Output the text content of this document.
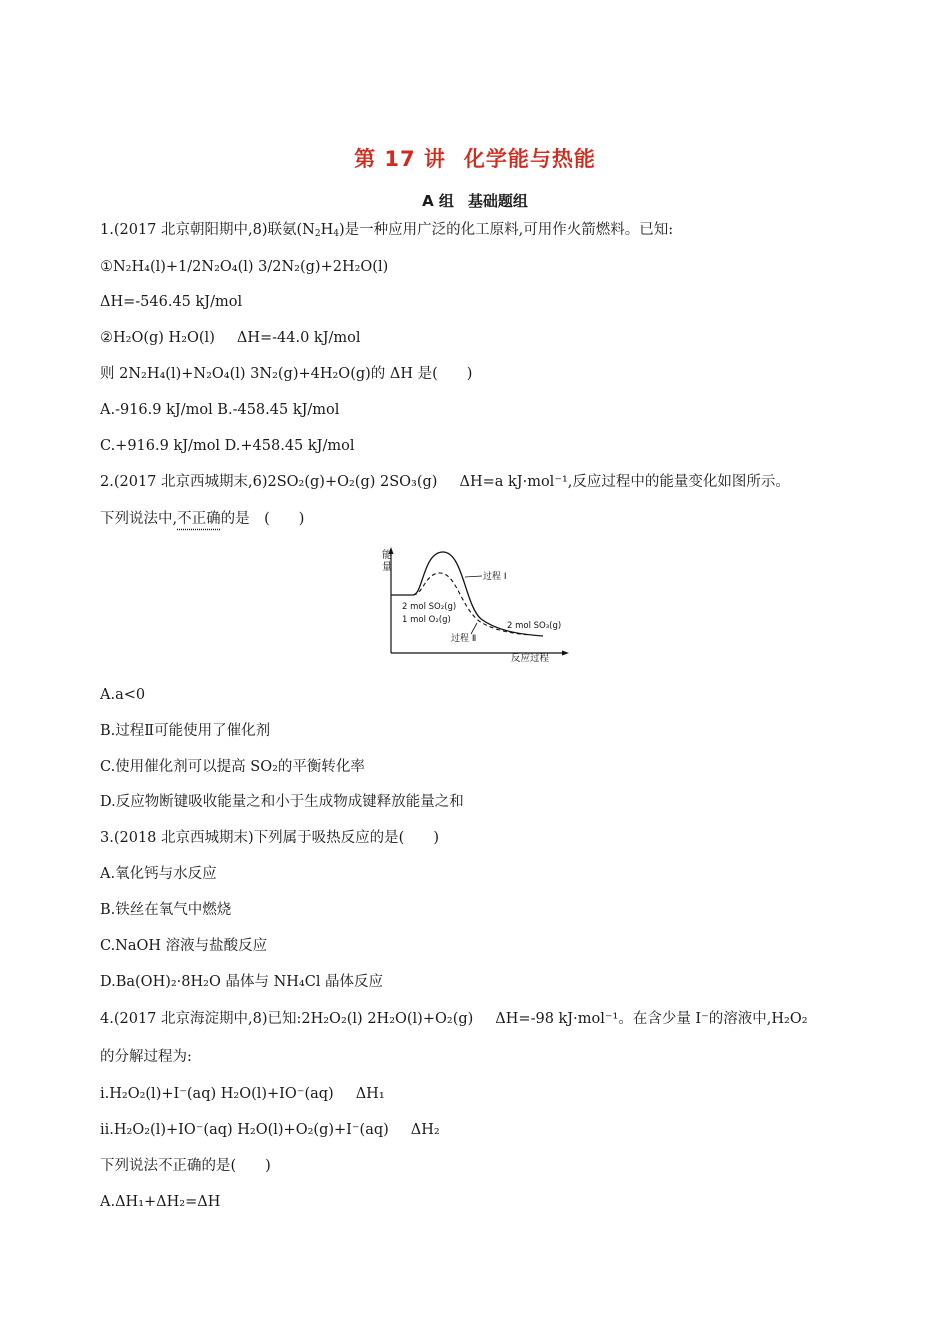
第 17 讲 化学能与热能
A 组 基础题组
1.(2017 北京朝阳期中,8)联氨$(N_2H_4)$是一种应用广泛的化工原料,可用作火箭燃料。已知:
①N₂H₄(l)+1/2N₂O₄(l) 3/2N₂(g)+2H₂O(l)
ΔH=-546.45 kJ/mol
②H₂O(g) H₂O(l) ΔH=-44.0 kJ/mol
则 2N₂H₄(l)+N₂O₄(l) 3N₂(g)+4H₂O(g)的 ΔH 是(　　)
A.-916.9 kJ/mol B.-458.45 kJ/mol
C.+916.9 kJ/mol D.+458.45 kJ/mol
2.(2017 北京西城期末,6)2SO₂(g)+O₂(g) 2SO₃(g) ΔH=a kJ·mol⁻¹,反应过程中的能量变化如图所示。
下列说法中,不正确的是　(　　)
能
量
反应过程
过程 I
过程 Ⅱ
2 mol SO₂(g)
1 mol O₂(g)
2 mol SO₃(g)
A.a<0
B.过程Ⅱ可能使用了催化剂
C.使用催化剂可以提高 SO₂的平衡转化率
D.反应物断键吸收能量之和小于生成物成键释放能量之和
3.(2018 北京西城期末)下列属于吸热反应的是(　　)
A.氧化钙与水反应
B.铁丝在氧气中燃烧
C.NaOH 溶液与盐酸反应
D.Ba(OH)₂·8H₂O 晶体与 NH₄Cl 晶体反应
4.(2017 北京海淀期中,8)已知:2H₂O₂(l) 2H₂O(l)+O₂(g) ΔH=-98 kJ·mol⁻¹。在含少量 I⁻的溶液中,H₂O₂
的分解过程为:
ⅰ.H₂O₂(l)+I⁻(aq) H₂O(l)+IO⁻(aq) ΔH₁
ⅱ.H₂O₂(l)+IO⁻(aq) H₂O(l)+O₂(g)+I⁻(aq) ΔH₂
下列说法不正确的是(　　)
A.ΔH₁+ΔH₂=ΔH
